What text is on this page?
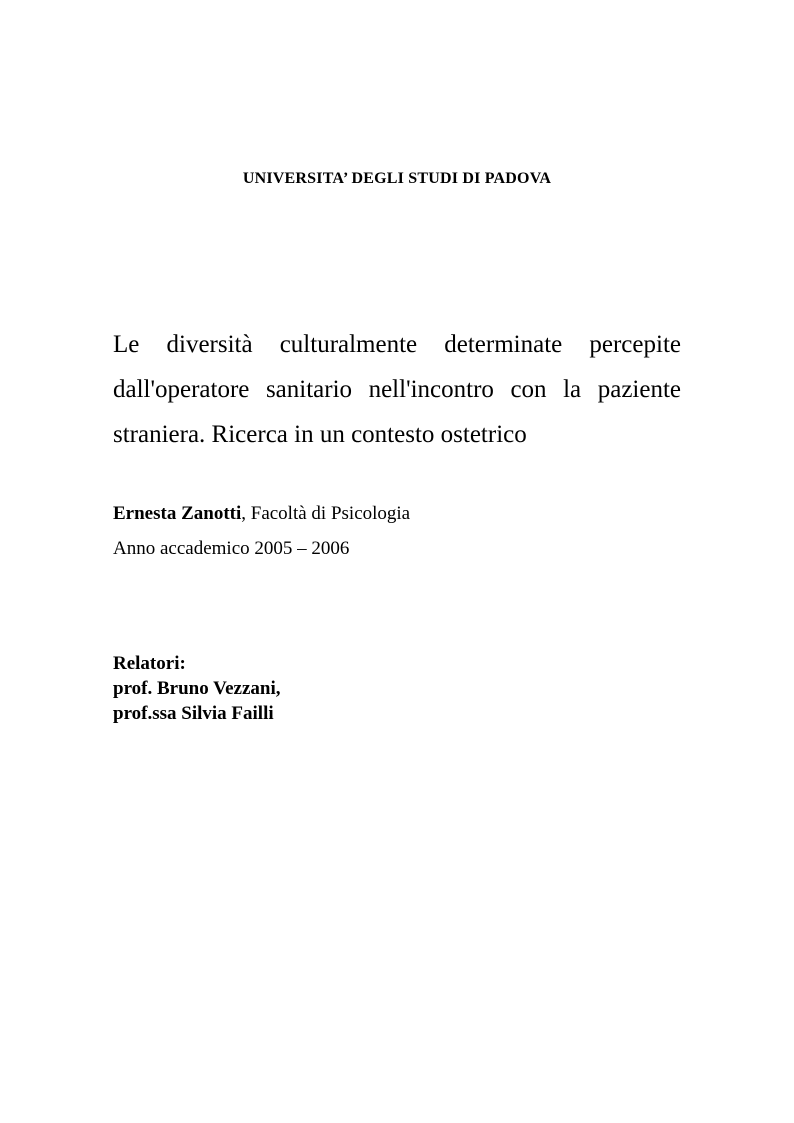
UNIVERSITA’ DEGLI STUDI DI PADOVA
Le diversità culturalmente determinate percepite
dall'operatore sanitario nell'incontro con la paziente
straniera. Ricerca in un contesto ostetrico
Ernesta Zanotti, Facoltà di Psicologia
Anno accademico 2005 – 2006
Relatori:
prof. Bruno Vezzani,
prof.ssa Silvia Failli
